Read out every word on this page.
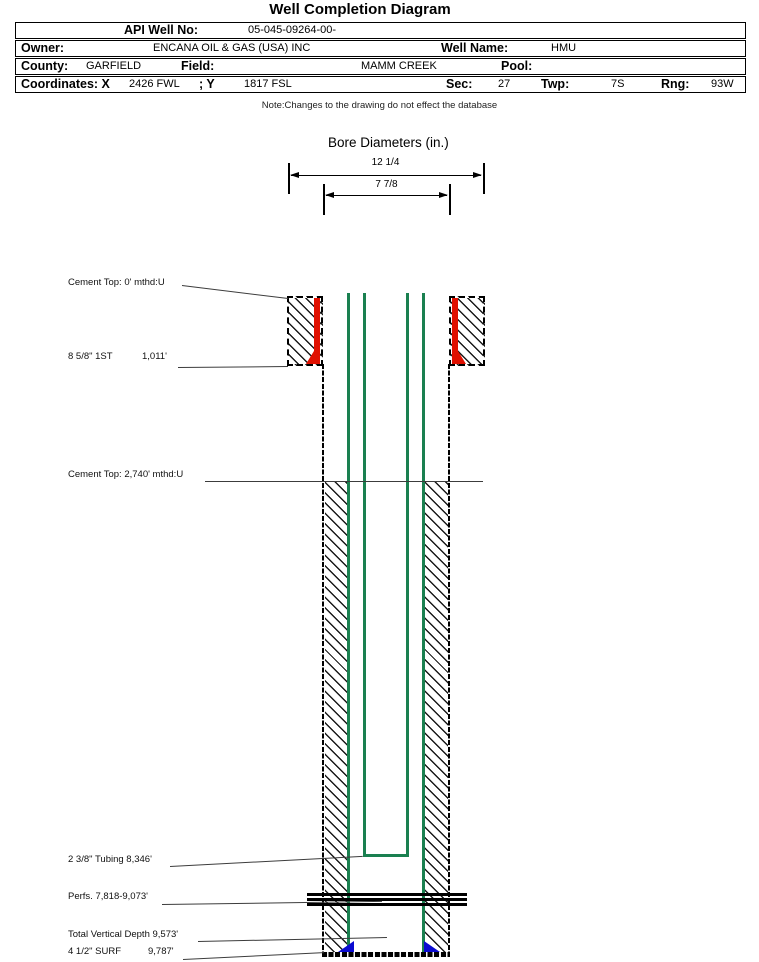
Well Completion Diagram
API Well No:	05-045-09264-00-
Owner:	ENCANA OIL & GAS (USA) INC	Well Name:	HMU
County: GARFIELD	Field:	MAMM CREEK	Pool:
Coordinates: X 2426 FWL ; Y	1817 FSL	Sec: 27 Twp:	7S	Rng: 93W
Note:Changes to the drawing do not effect the database
Bore Diameters (in.)
12 1/4
7 7/8
Cement Top: 0' mthd:U
8 5/8" 1ST	1,011'
Cement Top: 2,740' mthd:U
2 3/8" Tubing 8,346'
Perfs. 7,818-9,073'
Total Vertical Depth 9,573'
4 1/2" SURF	9,787'
